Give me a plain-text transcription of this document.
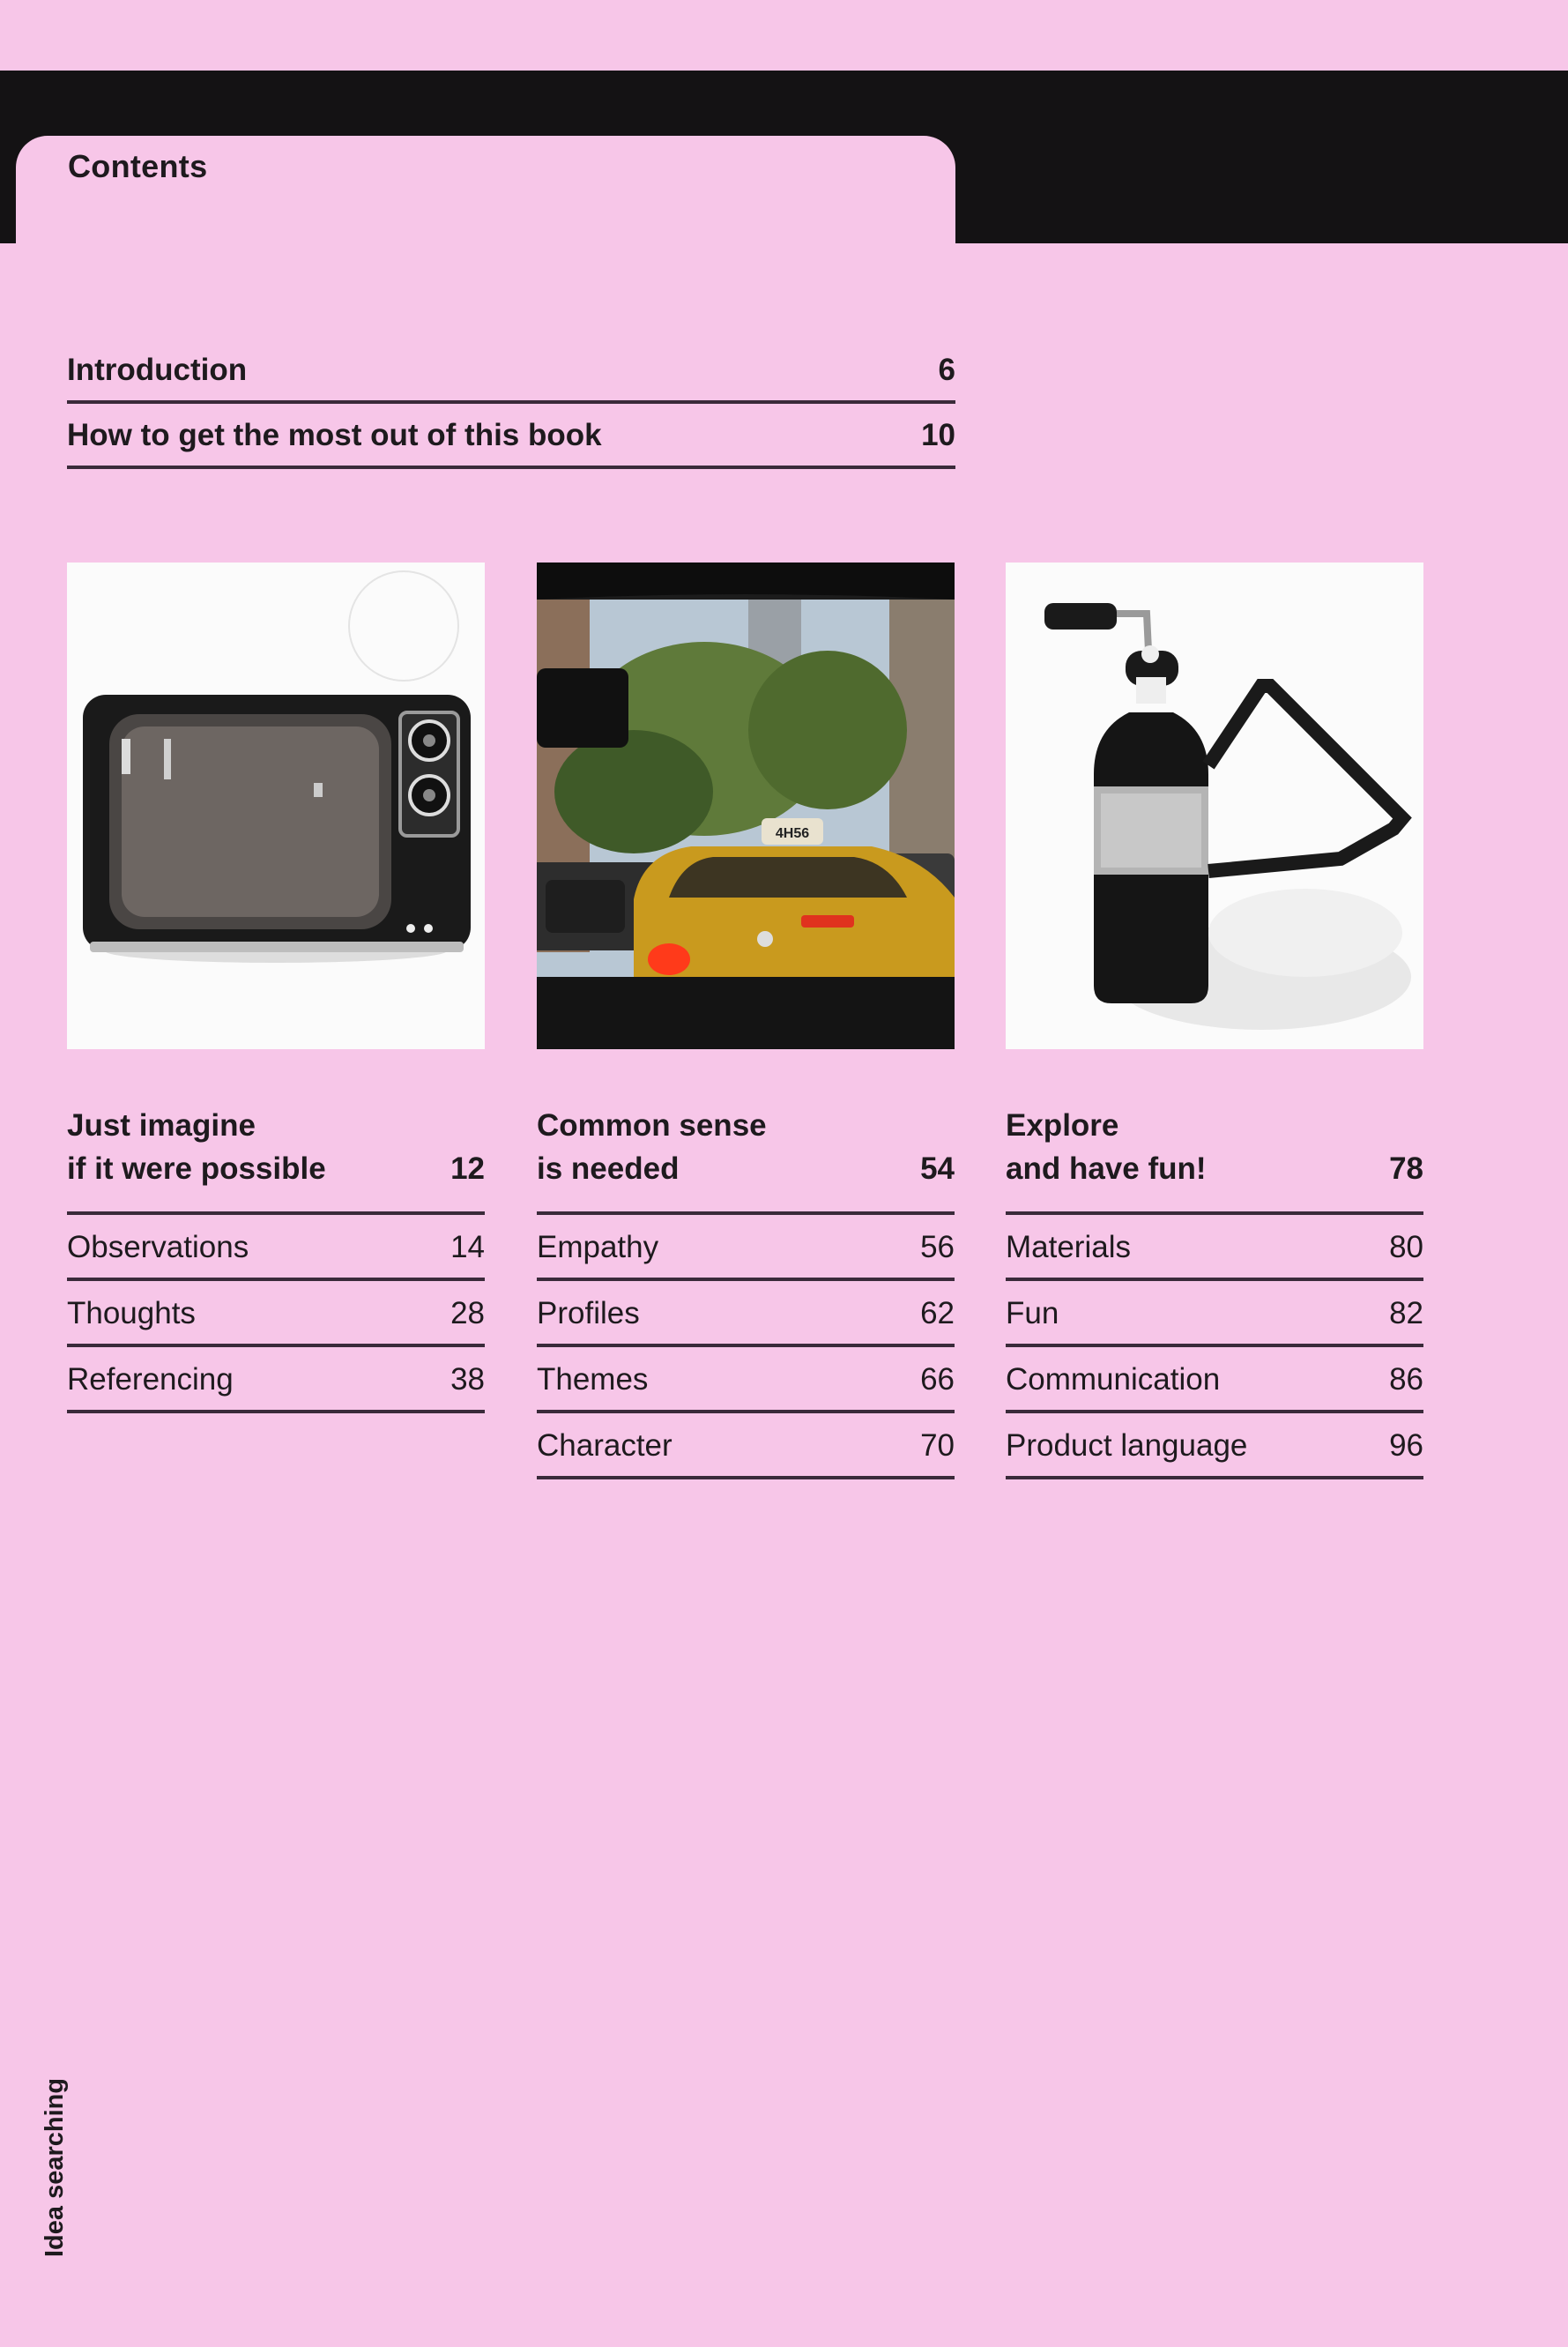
Contents
Introduction	6
How to get the most out of this book	10
4H56
Just imagine
if it were possible	12
Observations	14
Thoughts	28
Referencing	38
Common sense
is needed	54
Empathy	56
Profiles	62
Themes	66
Character	70
Explore
and have fun!	78
Materials	80
Fun	82
Communication	86
Product language	96
Idea searching
